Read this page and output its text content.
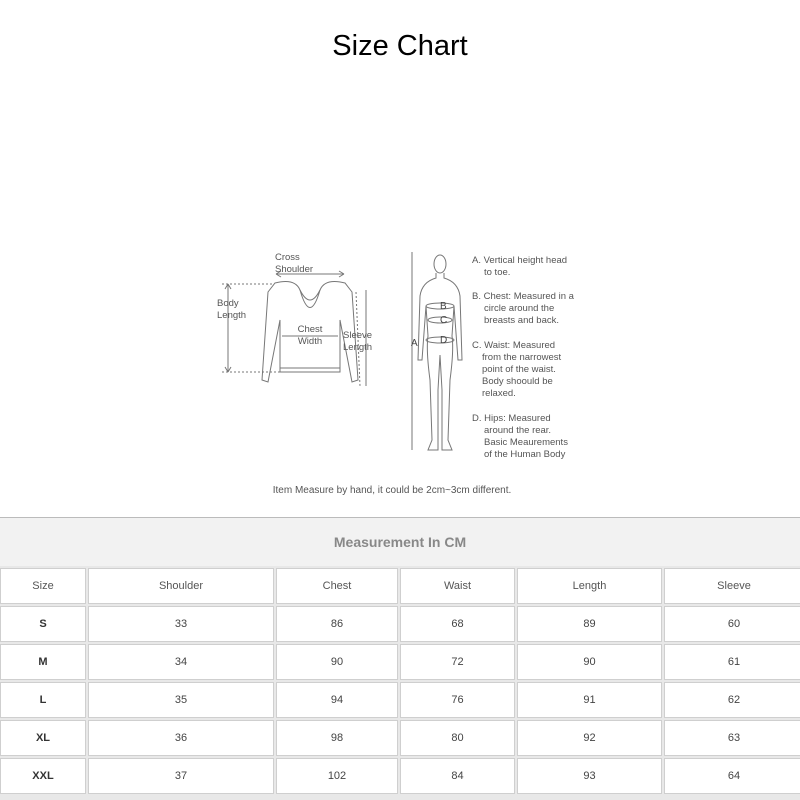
Size Chart
Cross
Shoulder
Body
Length
Chest
Width
Sleeve
Length	A
B
C
D
A. Vertical height head
to toe.
B. Chest: Measured in a
circle around the
breasts and back.
C. Waist: Measured
from the narrowest
point of the waist.
Body shoould be
relaxed.
D. Hips: Measured
around the rear.
Basic Meaurements
of the Human Body
Item Measure by hand, it could be 2cm~3cm different.
Measurement In CM
Size	Shoulder	Chest	Waist	Length	Sleeve
S	33	86	68	89	60
M	34	90	72	90	61
L	35	94	76	91	62
XL	36	98	80	92	63
XXL	37	102	84	93	64
